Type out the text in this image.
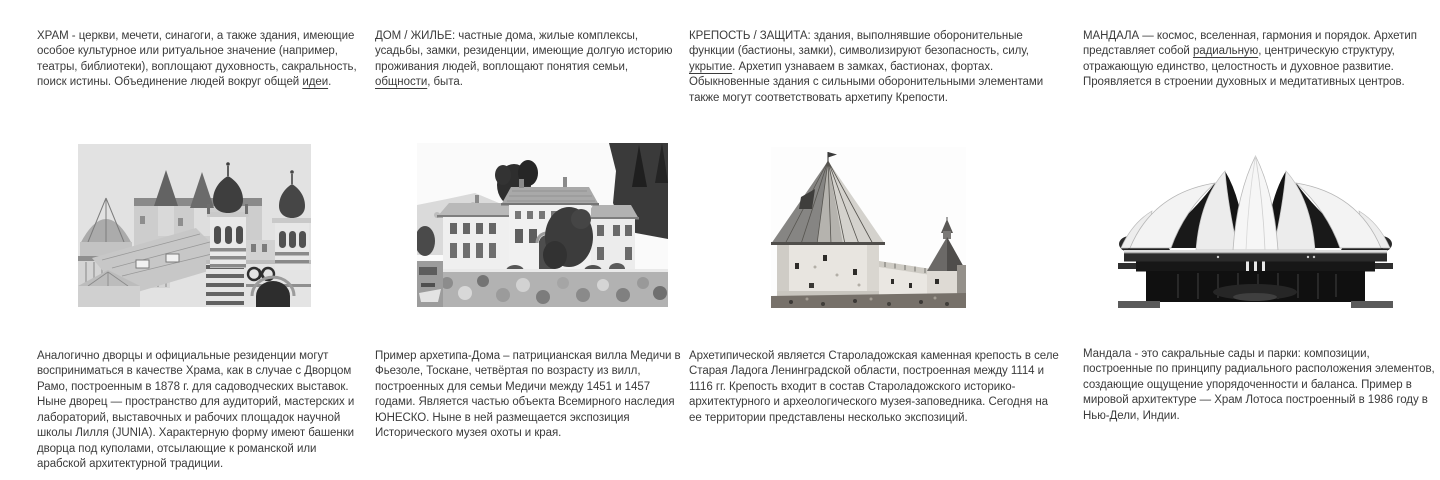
ХРАМ - церкви, мечети, синагоги, а также здания, имеющие особое культурное или ритуальное значение (например, театры, библиотеки), воплощают духовность, сакральность, поиск истины. Объединение людей вокруг общей идеи.

Аналогично дворцы и официальные резиденции могут восприниматься в качестве Храма, как в случае с Дворцом Рамо, построенным в 1878 г. для садоводческих выставок. Ныне дворец — пространство для аудиторий, мастерских и лабораторий, выставочных и рабочих площадок научной школы Лилля (JUNIA). Характерную форму имеют башенки дворца под куполами, отсылающие к романской или арабской архитектурной традиции.

ДОМ / ЖИЛЬЕ: частные дома, жилые комплексы, усадьбы, замки, резиденции, имеющие долгую историю проживания людей, воплощают понятия семьи, общности, быта.

Пример архетипа-Дома – патрицианская вилла Медичи в Фьезоле, Тоскане, четвёртая по возрасту из вилл, построенных для семьи Медичи между 1451 и 1457 годами. Является частью объекта Всемирного наследия ЮНЕСКО. Ныне в ней размещается экспозиция Исторического музея охоты и края.

КРЕПОСТЬ / ЗАЩИТА: здания, выполнявшие оборонительные функции (бастионы, замки), символизируют безопасность, силу, укрытие. Архетип узнаваем в замках, бастионах, фортах. Обыкновенные здания с сильными оборонительными элементами также могут соответствовать архетипу Крепости.

Архетипической является Староладожская каменная крепость в селе Старая Ладога Ленинградской области, построенная между 1114 и 1116 гг. Крепость входит в состав Староладожского историко-архитектурного и археологического музея-заповедника. Сегодня на ее территории представлены несколько экспозиций.

МАНДАЛА — космос, вселенная, гармония и порядок. Архетип представляет собой радиальную, центрическую структуру, отражающую единство, целостность и духовное развитие. Проявляется в строении духовных и медитативных центров.

Мандала - это сакральные сады и парки: композиции, построенные по принципу радиального расположения элементов, создающие ощущение упорядоченности и баланса. Пример в мировой архитектуре — Храм Лотоса построенный в 1986 году в Нью-Дели, Индии.
